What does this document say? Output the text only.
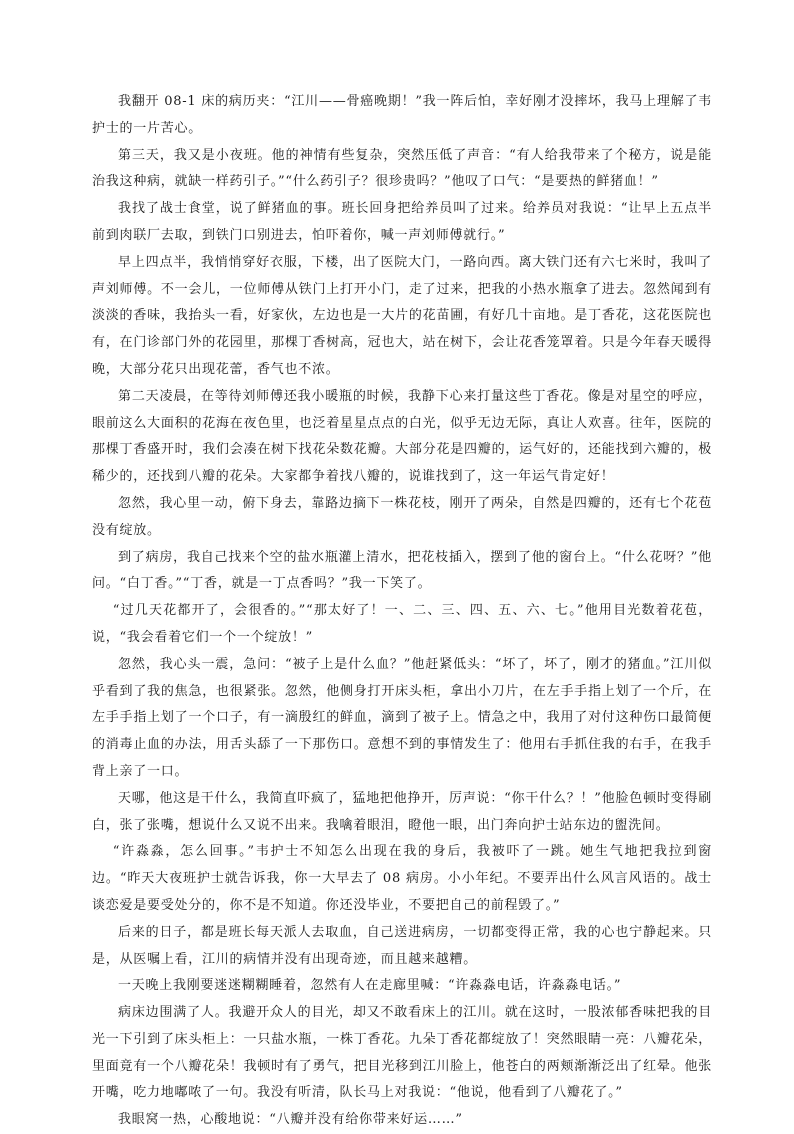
我翻开 08-1 床的病历夹：“江川——骨癌晚期！”我一阵后怕，幸好刚才没摔坏，我马上理解了韦护士的一片苦心。

第三天，我又是小夜班。他的神情有些复杂，突然压低了声音：“有人给我带来了个秘方，说是能治我这种病，就缺一样药引子。”“什么药引子？很珍贵吗？”他叹了口气：“是要热的鲜猪血！”

我找了战士食堂，说了鲜猪血的事。班长回身把给养员叫了过来。给养员对我说：“让早上五点半前到肉联厂去取，到铁门口别进去，怕吓着你，喊一声刘师傅就行。”

早上四点半，我悄悄穿好衣服，下楼，出了医院大门，一路向西。离大铁门还有六七米时，我叫了声刘师傅。不一会儿，一位师傅从铁门上打开小门，走了过来，把我的小热水瓶拿了进去。忽然闻到有淡淡的香味，我抬头一看，好家伙，左边也是一大片的花苗圃，有好几十亩地。是丁香花，这花医院也有，在门诊部门外的花园里，那棵丁香树高，冠也大，站在树下，会让花香笼罩着。只是今年春天暖得晚，大部分花只出现花蕾，香气也不浓。

第二天凌晨，在等待刘师傅还我小暖瓶的时候，我静下心来打量这些丁香花。像是对星空的呼应，眼前这么大面积的花海在夜色里，也泛着星星点点的白光，似乎无边无际，真让人欢喜。往年，医院的那棵丁香盛开时，我们会凑在树下找花朵数花瓣。大部分花是四瓣的，运气好的，还能找到六瓣的，极稀少的，还找到八瓣的花朵。大家都争着找八瓣的，说谁找到了，这一年运气肯定好！

忽然，我心里一动，俯下身去，靠路边摘下一株花枝，刚开了两朵，自然是四瓣的，还有七个花苞没有绽放。

到了病房，我自己找来个空的盐水瓶灌上清水，把花枝插入，摆到了他的窗台上。“什么花呀？”他问。“白丁香。”“丁香，就是一丁点香吗？”我一下笑了。

“过几天花都开了，会很香的。”“那太好了！一、二、三、四、五、六、七。”他用目光数着花苞，说，“我会看着它们一个一个绽放！”

忽然，我心头一震，急问：“被子上是什么血？”他赶紧低头：“坏了，坏了，刚才的猪血。”江川似乎看到了我的焦急，也很紧张。忽然，他侧身打开床头柜，拿出小刀片，在左手手指上划了一个斤，在左手手指上划了一个口子，有一滴殷红的鲜血，滴到了被子上。情急之中，我用了对付这种伤口最简便的消毒止血的办法，用舌头舔了一下那伤口。意想不到的事情发生了：他用右手抓住我的右手，在我手背上亲了一口。

天哪，他这是干什么，我简直吓疯了，猛地把他挣开，厉声说：“你干什么？！”他脸色顿时变得刷白，张了张嘴，想说什么又说不出来。我噙着眼泪，瞪他一眼，出门奔向护士站东边的盥洗间。

“许淼淼，怎么回事。”韦护士不知怎么出现在我的身后，我被吓了一跳。她生气地把我拉到窗边。“昨天大夜班护士就告诉我，你一大早去了 08 病房。小小年纪。不要弄出什么风言风语的。战士谈恋爱是要受处分的，你不是不知道。你还没毕业，不要把自己的前程毁了。”

后来的日子，都是班长每天派人去取血，自己送进病房，一切都变得正常，我的心也宁静起来。只是，从医嘱上看，江川的病情并没有出现奇迹，而且越来越糟。

一天晚上我刚要迷迷糊糊睡着，忽然有人在走廊里喊：“许淼淼电话，许淼淼电话。”

病床边围满了人。我避开众人的目光，却又不敢看床上的江川。就在这时，一股浓郁香味把我的目光一下引到了床头柜上：一只盐水瓶，一株丁香花。九朵丁香花都绽放了！突然眼睛一亮：八瓣花朵，里面竟有一个八瓣花朵！我顿时有了勇气，把目光移到江川脸上，他苍白的两颊渐渐泛出了红晕。他张开嘴，吃力地嘟哝了一句。我没有听清，队长马上对我说：“他说，他看到了八瓣花了。”

我眼窝一热，心酸地说：“八瓣并没有给你带来好运……”
